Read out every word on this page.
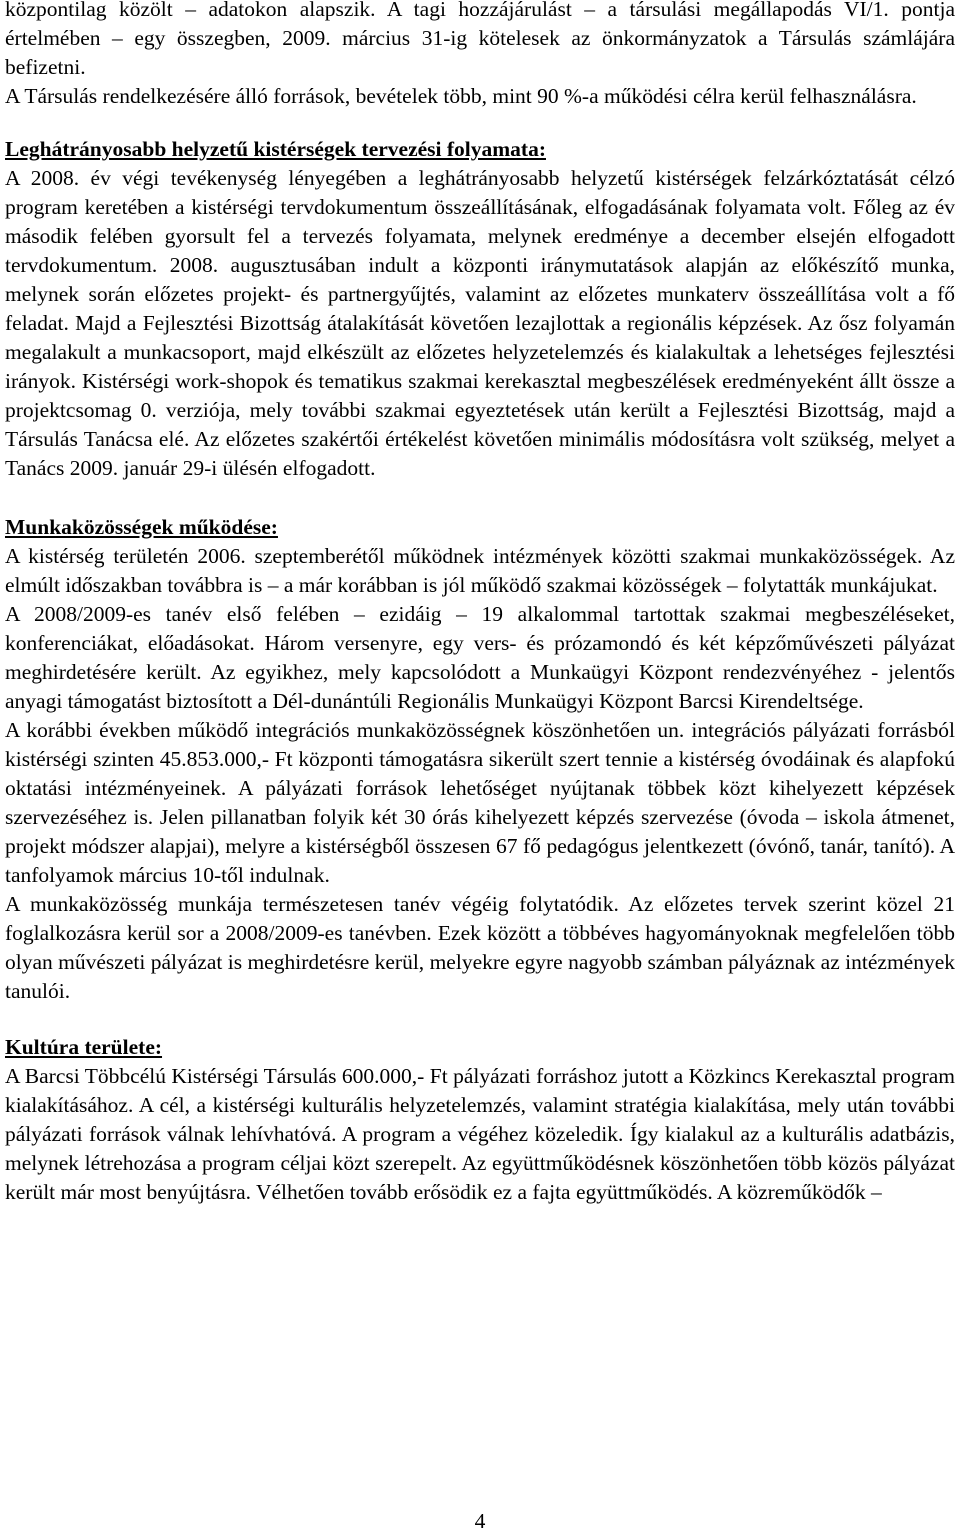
központilag közölt – adatokon alapszik. A tagi hozzájárulást – a társulási megállapodás VI/1. pontja értelmében – egy összegben, 2009. március 31-ig kötelesek az önkormányzatok a Társulás számlájára befizetni.

A Társulás rendelkezésére álló források, bevételek több, mint 90 %-a működési célra kerül felhasználásra.

Leghátrányosabb helyzetű kistérségek tervezési folyamata:

A 2008. év végi tevékenység lényegében a leghátrányosabb helyzetű kistérségek felzárkóztatását célzó program keretében a kistérségi tervdokumentum összeállításának, elfogadásának folyamata volt. Főleg az év második felében gyorsult fel a tervezés folyamata, melynek eredménye a december elsején elfogadott tervdokumentum. 2008. augusztusában indult a központi iránymutatások alapján az előkészítő munka, melynek során előzetes projekt- és partnergyűjtés, valamint az előzetes munkaterv összeállítása volt a fő feladat. Majd a Fejlesztési Bizottság átalakítását követően lezajlottak a regionális képzések. Az ősz folyamán megalakult a munkacsoport, majd elkészült az előzetes helyzetelemzés és kialakultak a lehetséges fejlesztési irányok. Kistérségi work-shopok és tematikus szakmai kerekasztal megbeszélések eredményeként állt össze a projektcsomag 0. verziója, mely további szakmai egyeztetések után került a Fejlesztési Bizottság, majd a Társulás Tanácsa elé. Az előzetes szakértői értékelést követően minimális módosításra volt szükség, melyet a Tanács 2009. január 29-i ülésén elfogadott.

Munkaközösségek működése:

A kistérség területén 2006. szeptemberétől működnek intézmények közötti szakmai munkaközösségek. Az elmúlt időszakban továbbra is – a már korábban is jól működő szakmai közösségek – folytatták munkájukat.

A 2008/2009-es tanév első felében – ezidáig – 19 alkalommal tartottak szakmai megbeszéléseket, konferenciákat, előadásokat. Három versenyre, egy vers- és prózamondó és két képzőművészeti pályázat meghirdetésére került. Az egyikhez, mely kapcsolódott a Munkaügyi Központ rendezvényéhez - jelentős anyagi támogatást biztosított a Dél-dunántúli Regionális Munkaügyi Központ Barcsi Kirendeltsége.

A korábbi években működő integrációs munkaközösségnek köszönhetően un. integrációs pályázati forrásból kistérségi szinten 45.853.000,- Ft központi támogatásra sikerült szert tennie a kistérség óvodáinak és alapfokú oktatási intézményeinek. A pályázati források lehetőséget nyújtanak többek közt kihelyezett képzések szervezéséhez is. Jelen pillanatban folyik két 30 órás kihelyezett képzés szervezése (óvoda – iskola átmenet, projekt módszer alapjai), melyre a kistérségből összesen 67 fő pedagógus jelentkezett (óvónő, tanár, tanító). A tanfolyamok március 10-től indulnak.

A munkaközösség munkája természetesen tanév végéig folytatódik. Az előzetes tervek szerint közel 21 foglalkozásra kerül sor a 2008/2009-es tanévben. Ezek között a többéves hagyományoknak megfelelően több olyan művészeti pályázat is meghirdetésre kerül, melyekre egyre nagyobb számban pályáznak az intézmények tanulói.

Kultúra területe:

A Barcsi Többcélú Kistérségi Társulás 600.000,- Ft pályázati forráshoz jutott a Közkincs Kerekasztal program kialakításához. A cél, a kistérségi kulturális helyzetelemzés, valamint stratégia kialakítása, mely után további pályázati források válnak lehívhatóvá. A program a végéhez közeledik. Így kialakul az a kulturális adatbázis, melynek létrehozása a program céljai közt szerepelt. Az együttműködésnek köszönhetően több közös pályázat került már most benyújtásra. Vélhetően tovább erősödik ez a fajta együttműködés. A közreműködők –

4
